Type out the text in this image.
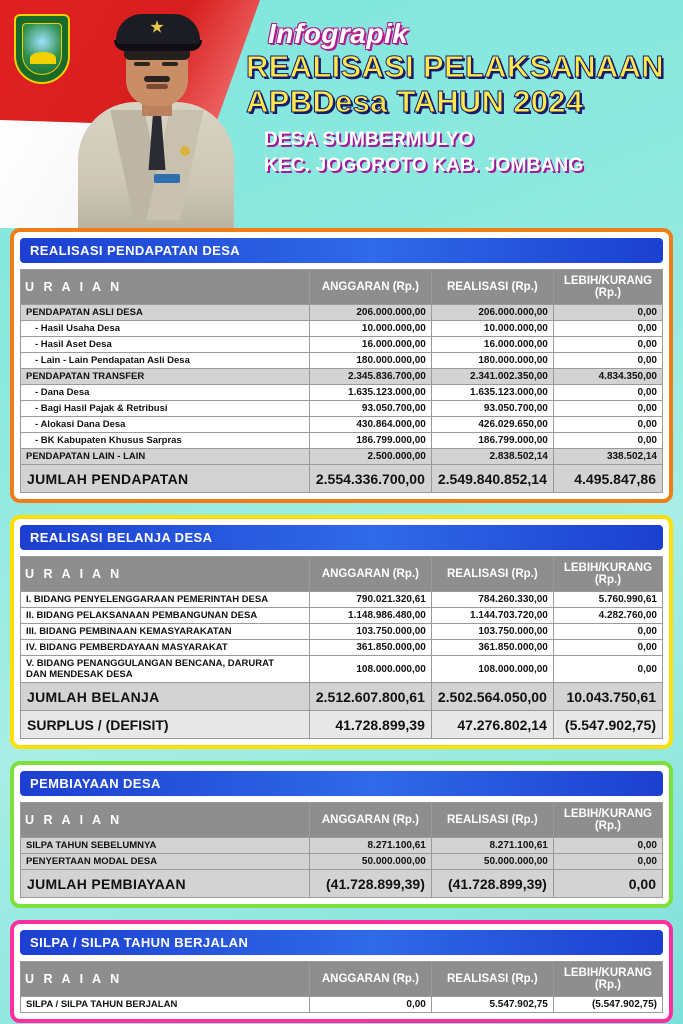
Infograpik
REALISASI PELAKSANAAN
APBDesa TAHUN 2024
DESA SUMBERMULYO
KEC. JOGOROTO KAB. JOMBANG
REALISASI PENDAPATAN DESA
U R A I A N	ANGGARAN (Rp.)	REALISASI (Rp.)	LEBIH/KURANG (Rp.)
PENDAPATAN ASLI DESA	206.000.000,00	206.000.000,00	0,00
- Hasil Usaha Desa	10.000.000,00	10.000.000,00	0,00
- Hasil Aset Desa	16.000.000,00	16.000.000,00	0,00
- Lain - Lain Pendapatan Asli Desa	180.000.000,00	180.000.000,00	0,00
PENDAPATAN TRANSFER	2.345.836.700,00	2.341.002.350,00	4.834.350,00
- Dana Desa	1.635.123.000,00	1.635.123.000,00	0,00
- Bagi Hasil Pajak & Retribusi	93.050.700,00	93.050.700,00	0,00
- Alokasi Dana Desa	430.864.000,00	426.029.650,00	0,00
- BK Kabupaten Khusus Sarpras	186.799.000,00	186.799.000,00	0,00
PENDAPATAN LAIN - LAIN	2.500.000,00	2.838.502,14	338.502,14
JUMLAH PENDAPATAN	2.554.336.700,00	2.549.840.852,14	4.495.847,86
REALISASI BELANJA DESA
U R A I A N	ANGGARAN (Rp.)	REALISASI (Rp.)	LEBIH/KURANG (Rp.)
I. BIDANG PENYELENGGARAAN PEMERINTAH DESA	790.021.320,61	784.260.330,00	5.760.990,61
II. BIDANG PELAKSANAAN PEMBANGUNAN DESA	1.148.986.480,00	1.144.703.720,00	4.282.760,00
III. BIDANG PEMBINAAN KEMASYARAKATAN	103.750.000,00	103.750.000,00	0,00
IV. BIDANG PEMBERDAYAAN MASYARAKAT	361.850.000,00	361.850.000,00	0,00
V. BIDANG PENANGGULANGAN BENCANA, DARURAT
DAN MENDESAK DESA	108.000.000,00	108.000.000,00	0,00
JUMLAH BELANJA	2.512.607.800,61	2.502.564.050,00	10.043.750,61
SURPLUS / (DEFISIT)	41.728.899,39	47.276.802,14	(5.547.902,75)
PEMBIAYAAN DESA
U R A I A N	ANGGARAN (Rp.)	REALISASI (Rp.)	LEBIH/KURANG (Rp.)
SILPA TAHUN SEBELUMNYA	8.271.100,61	8.271.100,61	0,00
PENYERTAAN MODAL DESA	50.000.000,00	50.000.000,00	0,00
JUMLAH PEMBIAYAAN	(41.728.899,39)	(41.728.899,39)	0,00
SILPA / SILPA TAHUN BERJALAN
U R A I A N	ANGGARAN (Rp.)	REALISASI (Rp.)	LEBIH/KURANG (Rp.)
SILPA / SILPA TAHUN BERJALAN	0,00	5.547.902,75	(5.547.902,75)
